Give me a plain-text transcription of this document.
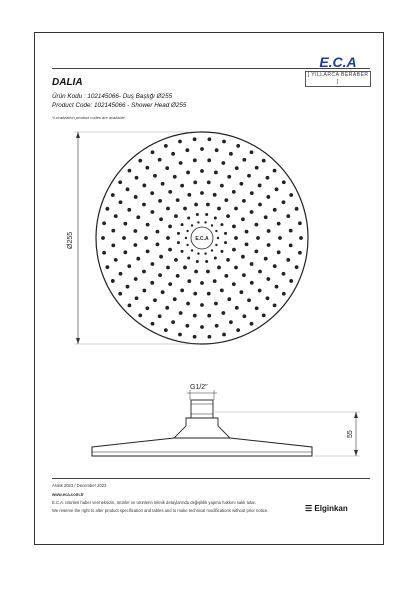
E.C.A
[ YILLARCA BERABER ]
DALIA
Ürün Kodu : 102145066- Duş Başlığı Ø255
Product Code: 102145066 - Shower Head Ø255
*Localization product codes are available.
E.C.A
Ø255
G1/2"
55
Aralık 2023 / December 2023
www.eca.com.tr
E.C.A. ürünleri haber vermeksizin, ürünler ve ürünlerin teknik detaylarında değişiklik yapma hakkını saklı tutar.
We reserve the right to alter product specification and tables and to make technical modifications without prior notice.	☰ Elginkan
